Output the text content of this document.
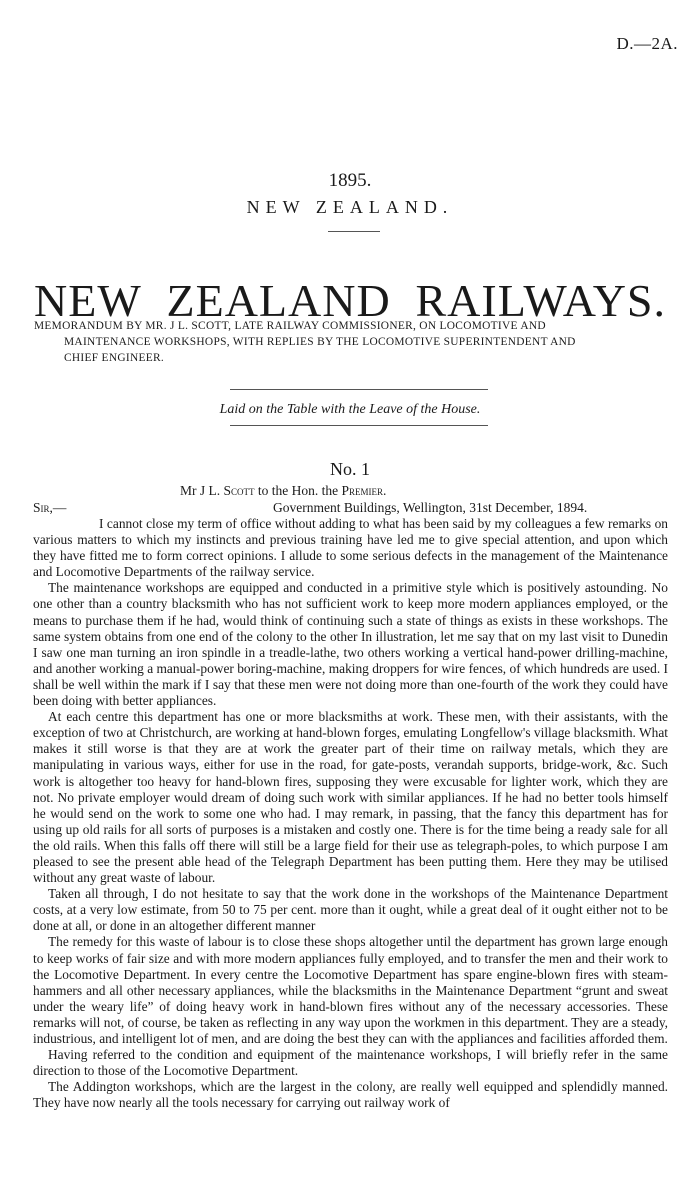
D.—2A.
1895.
NEW ZEALAND.
NEW ZEALAND RAILWAYS.
MEMORANDUM BY MR. J L. SCOTT, LATE RAILWAY COMMISSIONER, ON LOCOMOTIVE AND
MAINTENANCE WORKSHOPS, WITH REPLIES BY THE LOCOMOTIVE SUPERINTENDENT AND
CHIEF ENGINEER.
Laid on the Table with the Leave of the House.
No. 1
Mr J L. Scott to the Hon. the Premier.
Sir,—	Government Buildings, Wellington, 31st December, 1894.

I cannot close my term of office without adding to what has been said by my colleagues a few remarks on various matters to which my instincts and previous training have led me to give special attention, and upon which they have fitted me to form correct opinions. I allude to some serious defects in the management of the Maintenance and Locomotive Departments of the railway service.

The maintenance workshops are equipped and conducted in a primitive style which is positively astounding. No one other than a country blacksmith who has not sufficient work to keep more modern appliances employed, or the means to purchase them if he had, would think of continuing such a state of things as exists in these workshops. The same system obtains from one end of the colony to the other In illustration, let me say that on my last visit to Dunedin I saw one man turning an iron spindle in a treadle-lathe, two others working a vertical hand-power drilling-machine, and another working a manual-power boring-machine, making droppers for wire fences, of which hundreds are used. I shall be well within the mark if I say that these men were not doing more than one-fourth of the work they could have been doing with better appliances.

At each centre this department has one or more blacksmiths at work. These men, with their assistants, with the exception of two at Christchurch, are working at hand-blown forges, emulating Longfellow's village blacksmith. What makes it still worse is that they are at work the greater part of their time on railway metals, which they are manipulating in various ways, either for use in the road, for gate-posts, verandah supports, bridge-work, &c. Such work is altogether too heavy for hand-blown fires, supposing they were excusable for lighter work, which they are not. No private employer would dream of doing such work with similar appliances. If he had no better tools himself he would send on the work to some one who had. I may remark, in passing, that the fancy this department has for using up old rails for all sorts of purposes is a mistaken and costly one. There is for the time being a ready sale for all the old rails. When this falls off there will still be a large field for their use as telegraph-poles, to which purpose I am pleased to see the present able head of the Telegraph Department has been putting them. Here they may be utilised without any great waste of labour.

Taken all through, I do not hesitate to say that the work done in the workshops of the Maintenance Department costs, at a very low estimate, from 50 to 75 per cent. more than it ought, while a great deal of it ought either not to be done at all, or done in an altogether different manner

The remedy for this waste of labour is to close these shops altogether until the department has grown large enough to keep works of fair size and with more modern appliances fully employed, and to transfer the men and their work to the Locomotive Department. In every centre the Locomotive Department has spare engine-blown fires with steam-hammers and all other necessary appliances, while the blacksmiths in the Maintenance Department “grunt and sweat under the weary life” of doing heavy work in hand-blown fires without any of the necessary accessories. These remarks will not, of course, be taken as reflecting in any way upon the workmen in this department. They are a steady, industrious, and intelligent lot of men, and are doing the best they can with the appliances and facilities afforded them.

Having referred to the condition and equipment of the maintenance workshops, I will briefly refer in the same direction to those of the Locomotive Department.

The Addington workshops, which are the largest in the colony, are really well equipped and splendidly manned. They have now nearly all the tools necessary for carrying out railway work of
